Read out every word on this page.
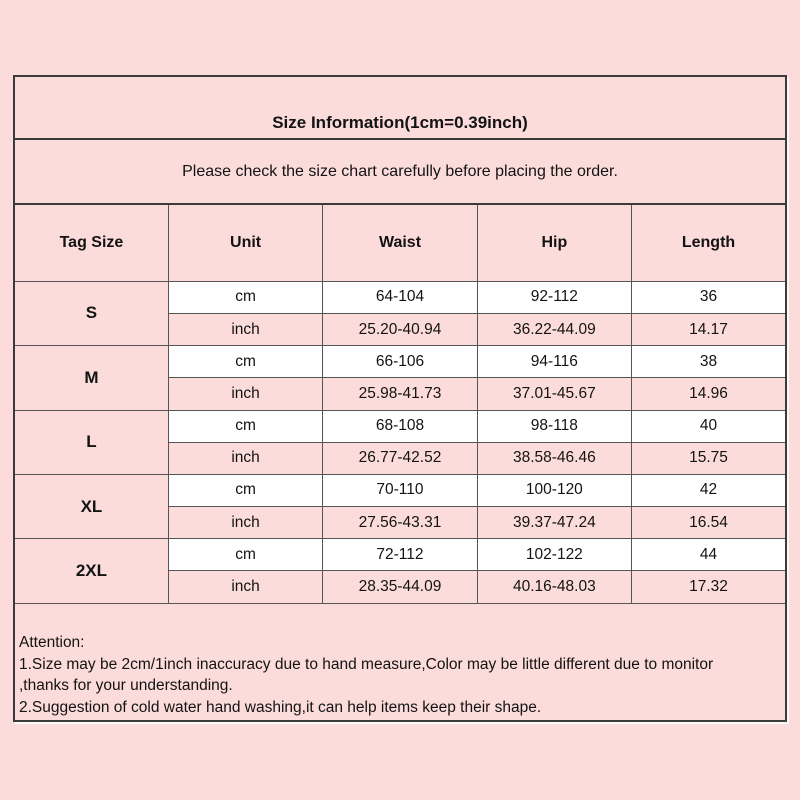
Size Information(1cm=0.39inch)				
Please check the size chart carefully before placing the order.				
Tag Size	Unit	Waist	Hip	Length
S	cm	64-104	92-112	36
	inch	25.20-40.94	36.22-44.09	14.17
M	cm	66-106	94-116	38
	inch	25.98-41.73	37.01-45.67	14.96
L	cm	68-108	98-118	40
	inch	26.77-42.52	38.58-46.46	15.75
XL	cm	70-110	100-120	42
	inch	27.56-43.31	39.37-47.24	16.54
2XL	cm	72-112	102-122	44
	inch	28.35-44.09	40.16-48.03	17.32

Attention:
1.Size may be 2cm/1inch inaccuracy due to hand measure,Color may be little different due to monitor
,thanks for your understanding.
2.Suggestion of cold water hand washing,it can help items keep their shape.				
